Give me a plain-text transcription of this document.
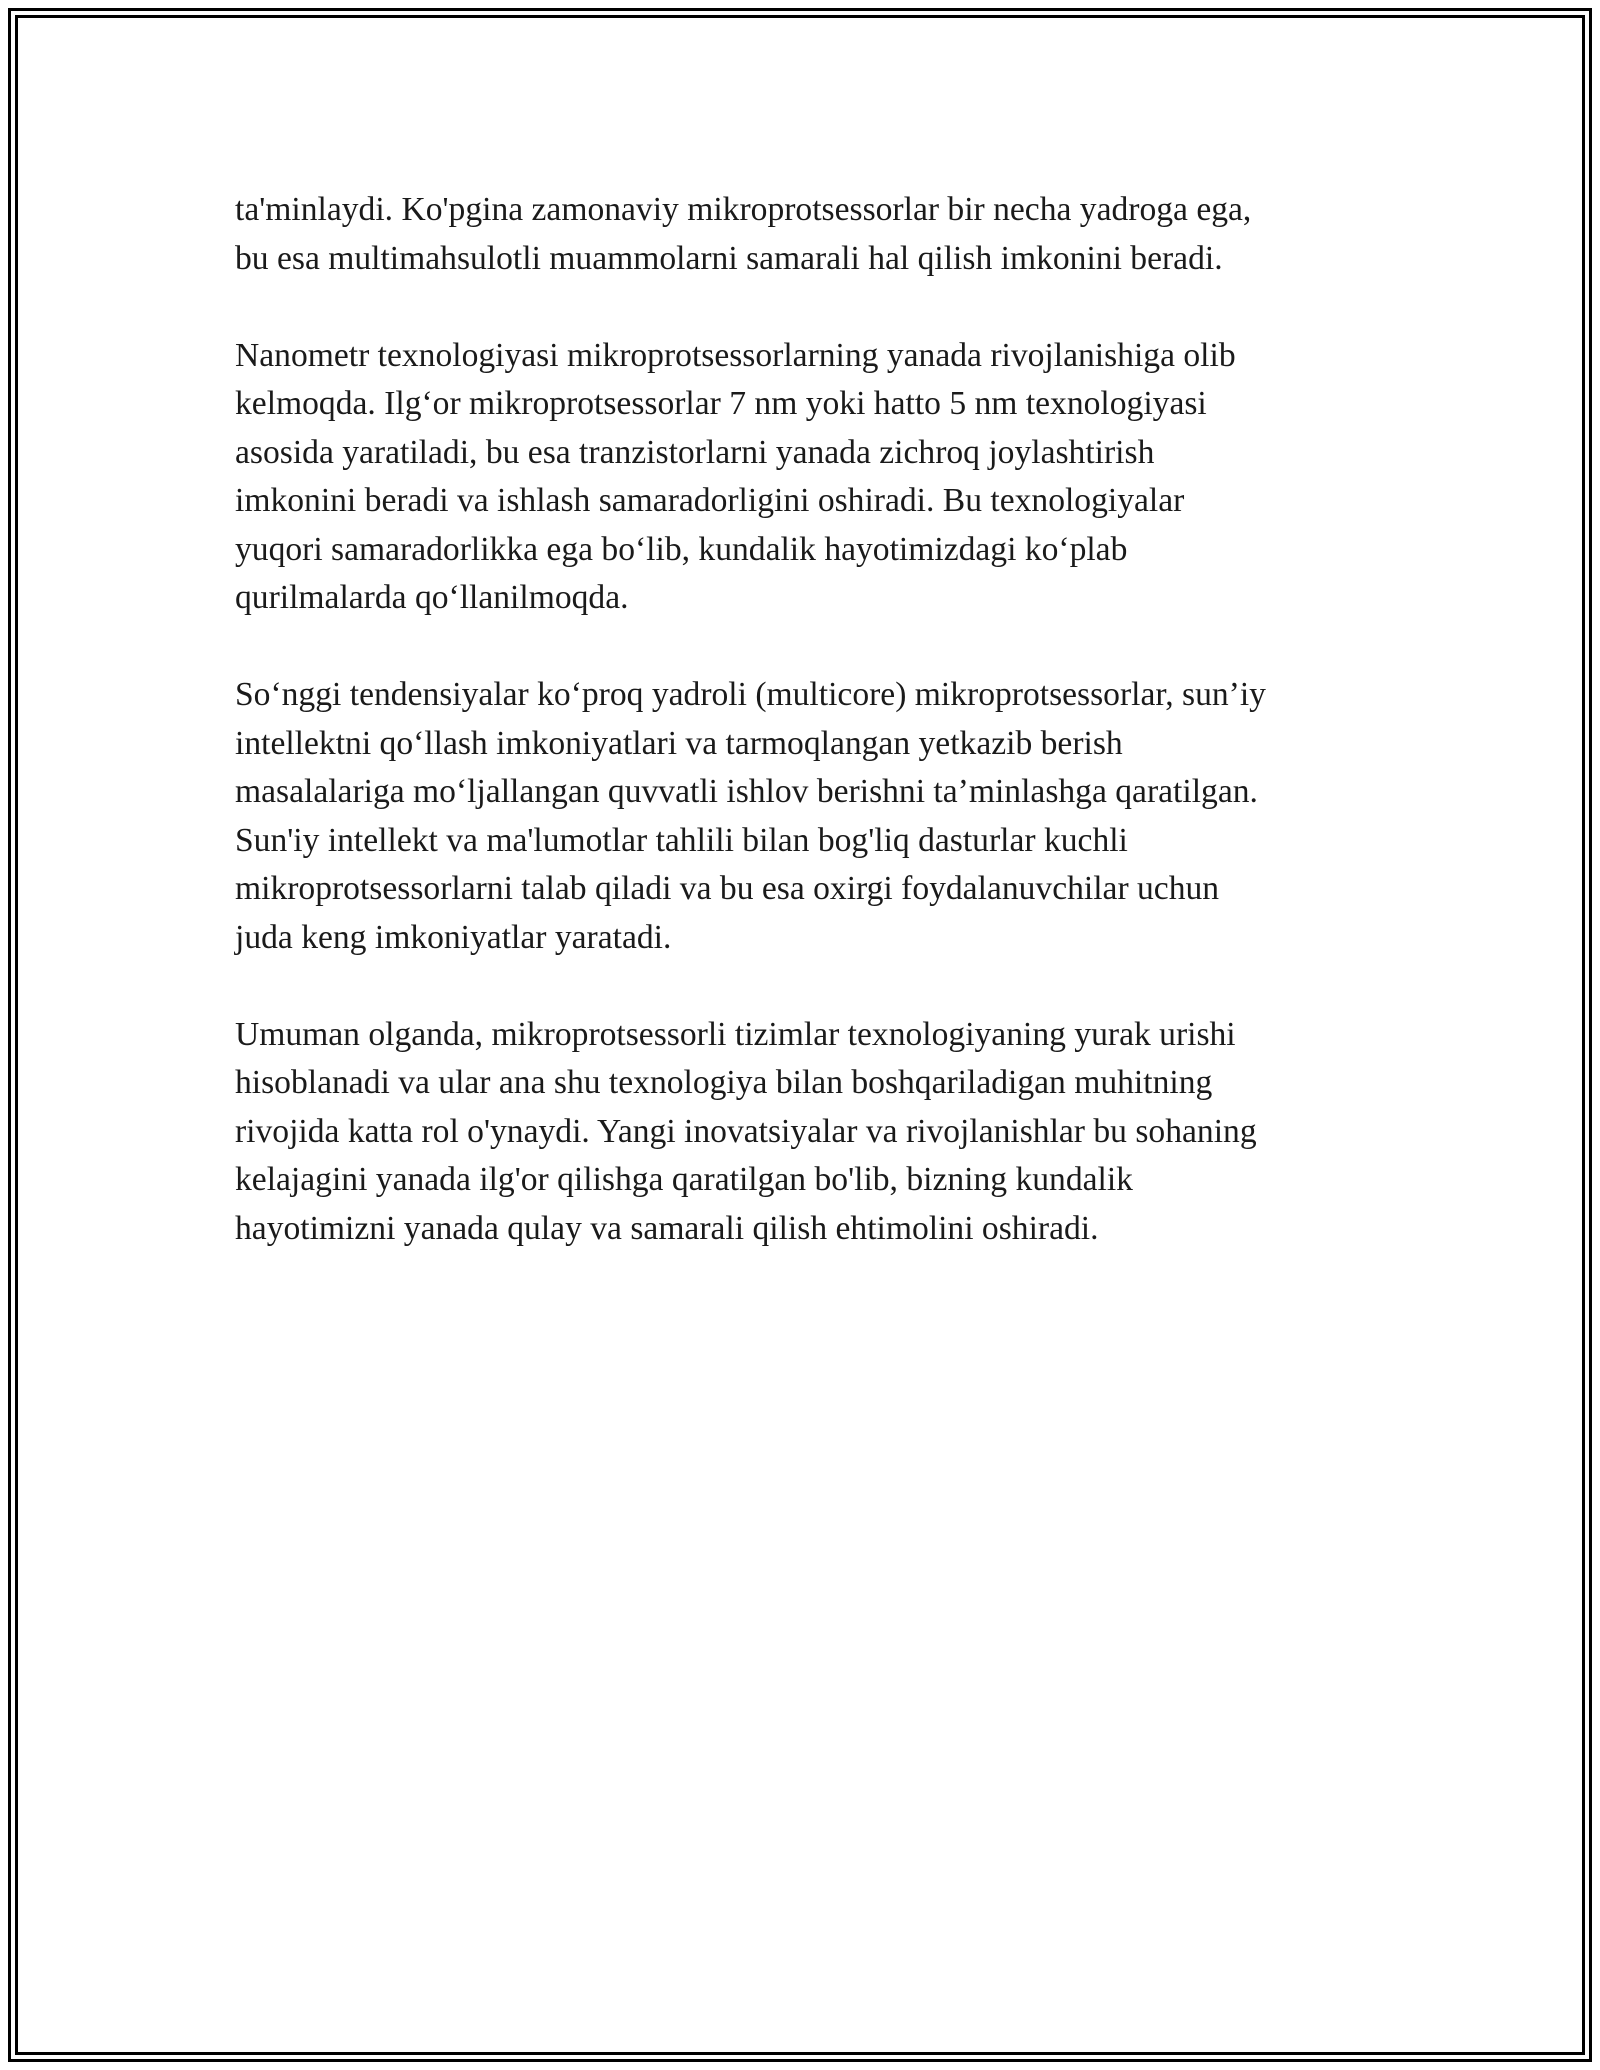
ta'minlaydi. Ko'pgina zamonaviy mikroprotsessorlar bir necha yadroga ega,
bu esa multimahsulotli muammolarni samarali hal qilish imkonini beradi.

Nanometr texnologiyasi mikroprotsessorlarning yanada rivojlanishiga olib
kelmoqda. Ilg‘or mikroprotsessorlar 7 nm yoki hatto 5 nm texnologiyasi
asosida yaratiladi, bu esa tranzistorlarni yanada zichroq joylashtirish
imkonini beradi va ishlash samaradorligini oshiradi. Bu texnologiyalar
yuqori samaradorlikka ega bo‘lib, kundalik hayotimizdagi ko‘plab
qurilmalarda qo‘llanilmoqda.

So‘nggi tendensiyalar ko‘proq yadroli (multicore) mikroprotsessorlar, sun’iy
intellektni qo‘llash imkoniyatlari va tarmoqlangan yetkazib berish
masalalariga mo‘ljallangan quvvatli ishlov berishni ta’minlashga qaratilgan.
Sun'iy intellekt va ma'lumotlar tahlili bilan bog'liq dasturlar kuchli
mikroprotsessorlarni talab qiladi va bu esa oxirgi foydalanuvchilar uchun
juda keng imkoniyatlar yaratadi.

Umuman olganda, mikroprotsessorli tizimlar texnologiyaning yurak urishi
hisoblanadi va ular ana shu texnologiya bilan boshqariladigan muhitning
rivojida katta rol o'ynaydi. Yangi inovatsiyalar va rivojlanishlar bu sohaning
kelajagini yanada ilg'or qilishga qaratilgan bo'lib, bizning kundalik
hayotimizni yanada qulay va samarali qilish ehtimolini oshiradi.
